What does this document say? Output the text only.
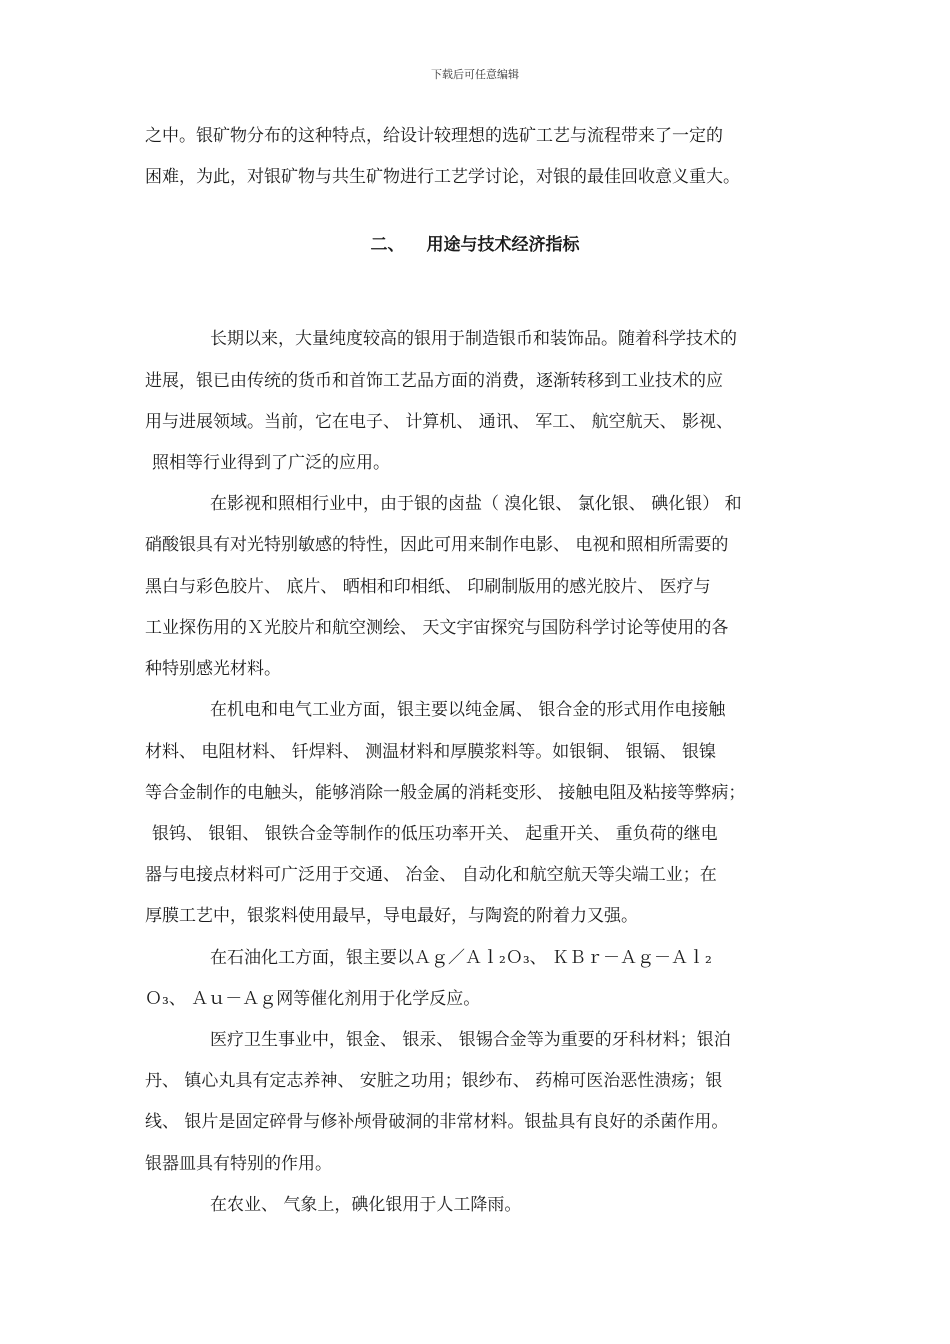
下载后可任意编辑
之中。银矿物分布的这种特点，给设计较理想的选矿工艺与流程带来了一定的
困难，为此，对银矿物与共生矿物进行工艺学讨论，对银的最佳回收意义重大。
二、 用途与技术经济指标
长期以来，大量纯度较高的银用于制造银币和装饰品。随着科学技术的
进展，银已由传统的货币和首饰工艺品方面的消费，逐渐转移到工业技术的应
用与进展领域。当前，它在电子、 计算机、 通讯、 军工、 航空航天、 影视、
照相等行业得到了广泛的应用。
在影视和照相行业中，由于银的卤盐（ 溴化银、 氯化银、 碘化银） 和
硝酸银具有对光特别敏感的特性，因此可用来制作电影、 电视和照相所需要的
黑白与彩色胶片、 底片、 晒相和印相纸、 印刷制版用的感光胶片、 医疗与
工业探伤用的Ｘ光胶片和航空测绘、 天文宇宙探究与国防科学讨论等使用的各
种特别感光材料。
在机电和电气工业方面，银主要以纯金属、 银合金的形式用作电接触
材料、 电阻材料、 钎焊料、 测温材料和厚膜浆料等。如银铜、 银镉、 银镍
等合金制作的电触头，能够消除一般金属的消耗变形、 接触电阻及粘接等弊病；
银钨、 银钼、 银铁合金等制作的低压功率开关、 起重开关、 重负荷的继电
器与电接点材料可广泛用于交通、 冶金、 自动化和航空航天等尖端工业；在
厚膜工艺中，银浆料使用最早，导电最好，与陶瓷的附着力又强。
在石油化工方面，银主要以Ａｇ／Ａｌ₂Ｏ₃、 ＫＢｒ－Ａｇ－Ａｌ₂
Ｏ₃、 Ａｕ－Ａｇ网等催化剂用于化学反应。
医疗卫生事业中，银金、 银汞、 银锡合金等为重要的牙科材料；银泊
丹、 镇心丸具有定志养神、 安脏之功用；银纱布、 药棉可医治恶性溃疡；银
线、 银片是固定碎骨与修补颅骨破洞的非常材料。银盐具有良好的杀菌作用。
银器皿具有特别的作用。
在农业、 气象上，碘化银用于人工降雨。
